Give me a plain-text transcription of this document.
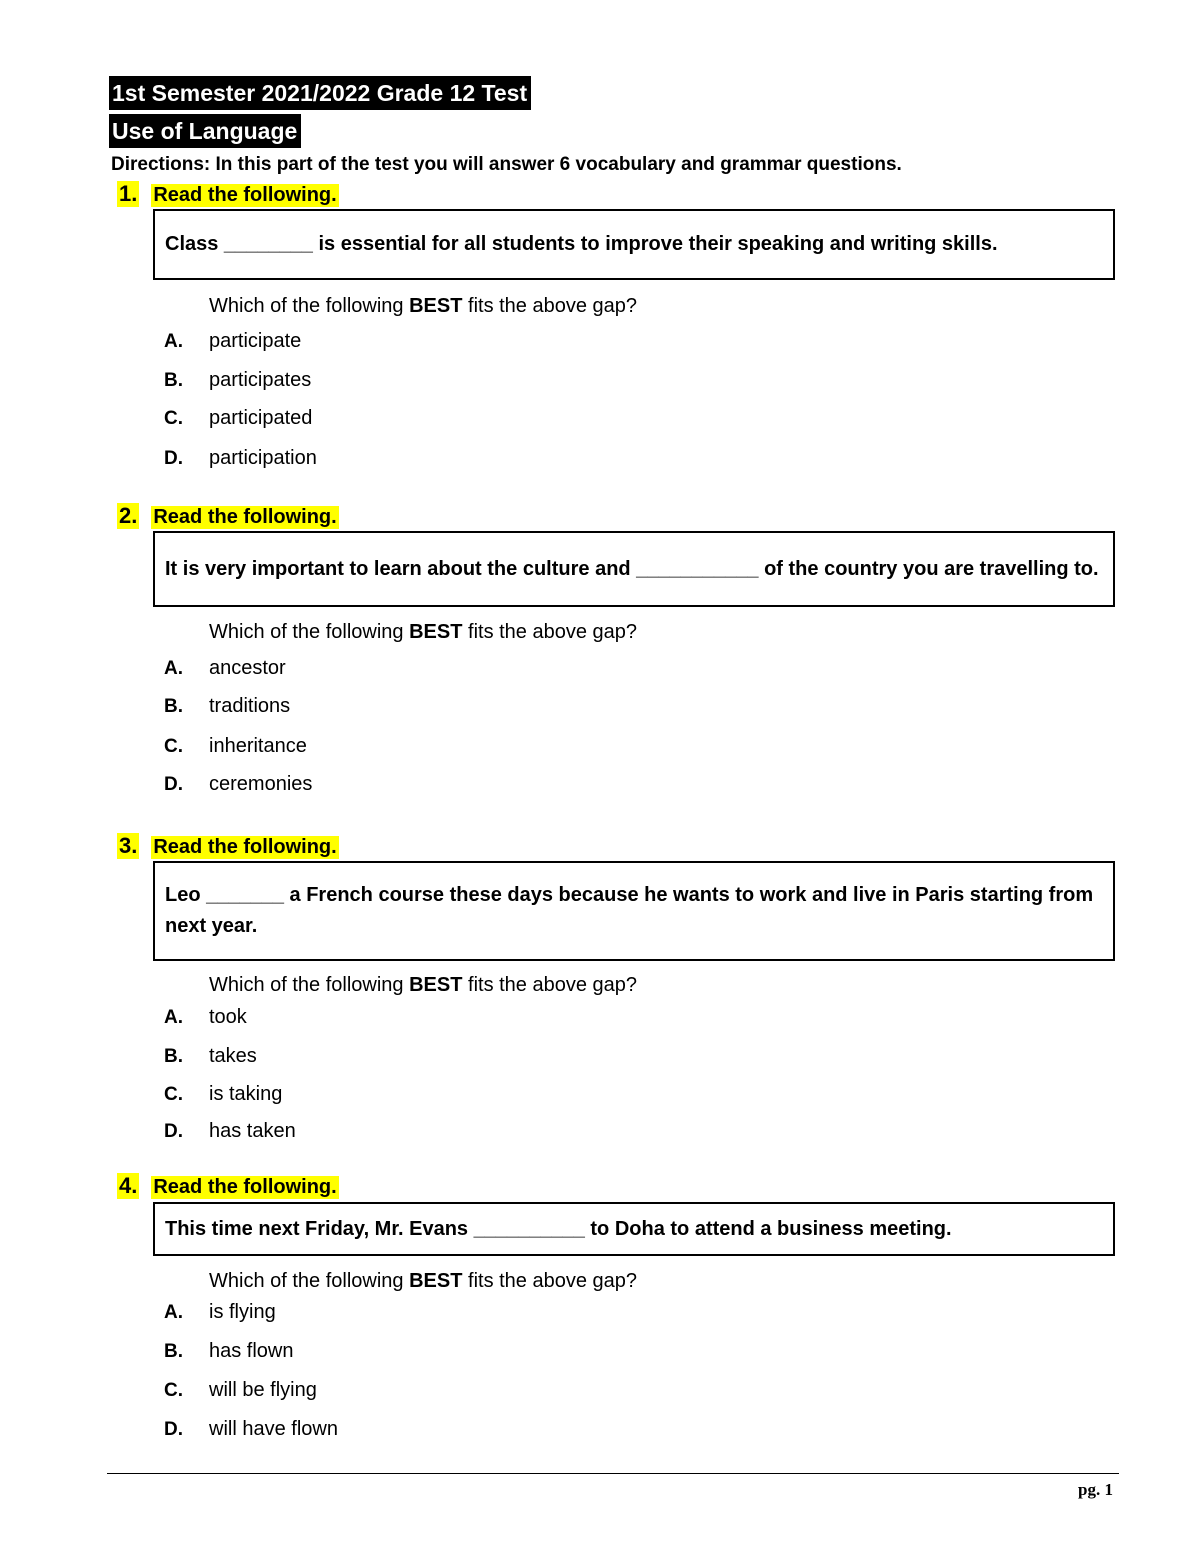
1st Semester 2021/2022 Grade 12 Test
Use of Language
Directions: In this part of the test you will answer 6 vocabulary and grammar questions.
1. Read the following.
Class ________ is essential for all students to improve their speaking and writing skills.
Which of the following BEST fits the above gap?
A.	participate
B.	participates
C.	participated
D.	participation
2. Read the following.
It is very important to learn about the culture and ___________ of the country you are travelling to.
Which of the following BEST fits the above gap?
A.	ancestor
B.	traditions
C.	inheritance
D.	ceremonies
3. Read the following.
Leo _______ a French course these days because he wants to work and live in Paris starting from next year.
Which of the following BEST fits the above gap?
A.	took
B.	takes
C.	is taking
D.	has taken
4. Read the following.
This time next Friday, Mr. Evans __________ to Doha to attend a business meeting.
Which of the following BEST fits the above gap?
A.	is flying
B.	has flown
C.	will be flying
D.	will have flown
pg. 1
